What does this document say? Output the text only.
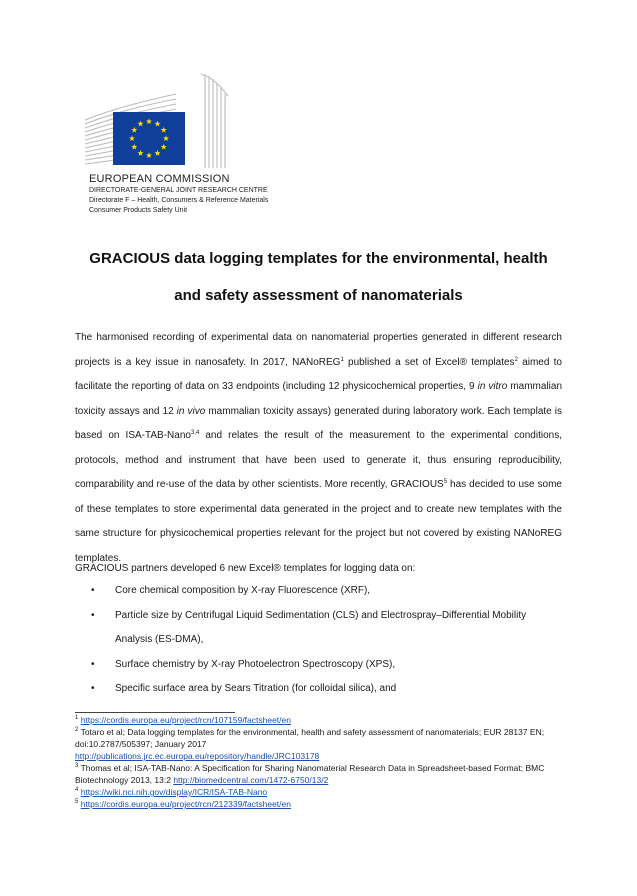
EUROPEAN COMMISSION
DIRECTORATE-GENERAL JOINT RESEARCH CENTRE
Directorate F – Health, Consumers & Reference Materials
Consumer Products Safety Unit
GRACIOUS data logging templates for the environmental, health
and safety assessment of nanomaterials
The harmonised recording of experimental data on nanomaterial properties generated in different research projects is a key issue in nanosafety. In 2017, NANoREG$^1$ published a set of Excel® templates$^2$ aimed to facilitate the reporting of data on 33 endpoints (including 12 physicochemical properties, 9 in vitro mammalian toxicity assays and 12 in vivo mammalian toxicity assays) generated during laboratory work. Each template is based on ISA-TAB-Nano$^{3,4}$ and relates the result of the measurement to the experimental conditions, protocols, method and instrument that have been used to generate it, thus ensuring reproducibility, comparability and re-use of the data by other scientists. More recently, GRACIOUS$^5$ has decided to use some of these templates to store experimental data generated in the project and to create new templates with the same structure for physicochemical properties relevant for the project but not covered by existing NANoREG templates.
GRACIOUS partners developed 6 new Excel® templates for logging data on:
• Core chemical composition by X-ray Fluorescence (XRF),
• Particle size by Centrifugal Liquid Sedimentation (CLS) and Electrospray–Differential Mobility Analysis (ES-DMA),
• Surface chemistry by X-ray Photoelectron Spectroscopy (XPS),
• Specific surface area by Sears Titration (for colloidal silica), and
$^1$ https://cordis.europa.eu/project/rcn/107159/factsheet/en
$^2$ Totaro et al; Data logging templates for the environmental, health and safety assessment of nanomaterials; EUR 28137 EN; doi:10.2787/505397; January 2017
http://publications.jrc.ec.europa.eu/repository/handle/JRC103178
$^3$ Thomas et al; ISA-TAB-Nano: A Specification for Sharing Nanomaterial Research Data in Spreadsheet-based Format; BMC Biotechnology 2013, 13:2 http://biomedcentral.com/1472-6750/13/2
$^4$ https://wiki.nci.nih.gov/display/ICR/ISA-TAB-Nano
$^5$ https://cordis.europa.eu/project/rcn/212339/factsheet/en
